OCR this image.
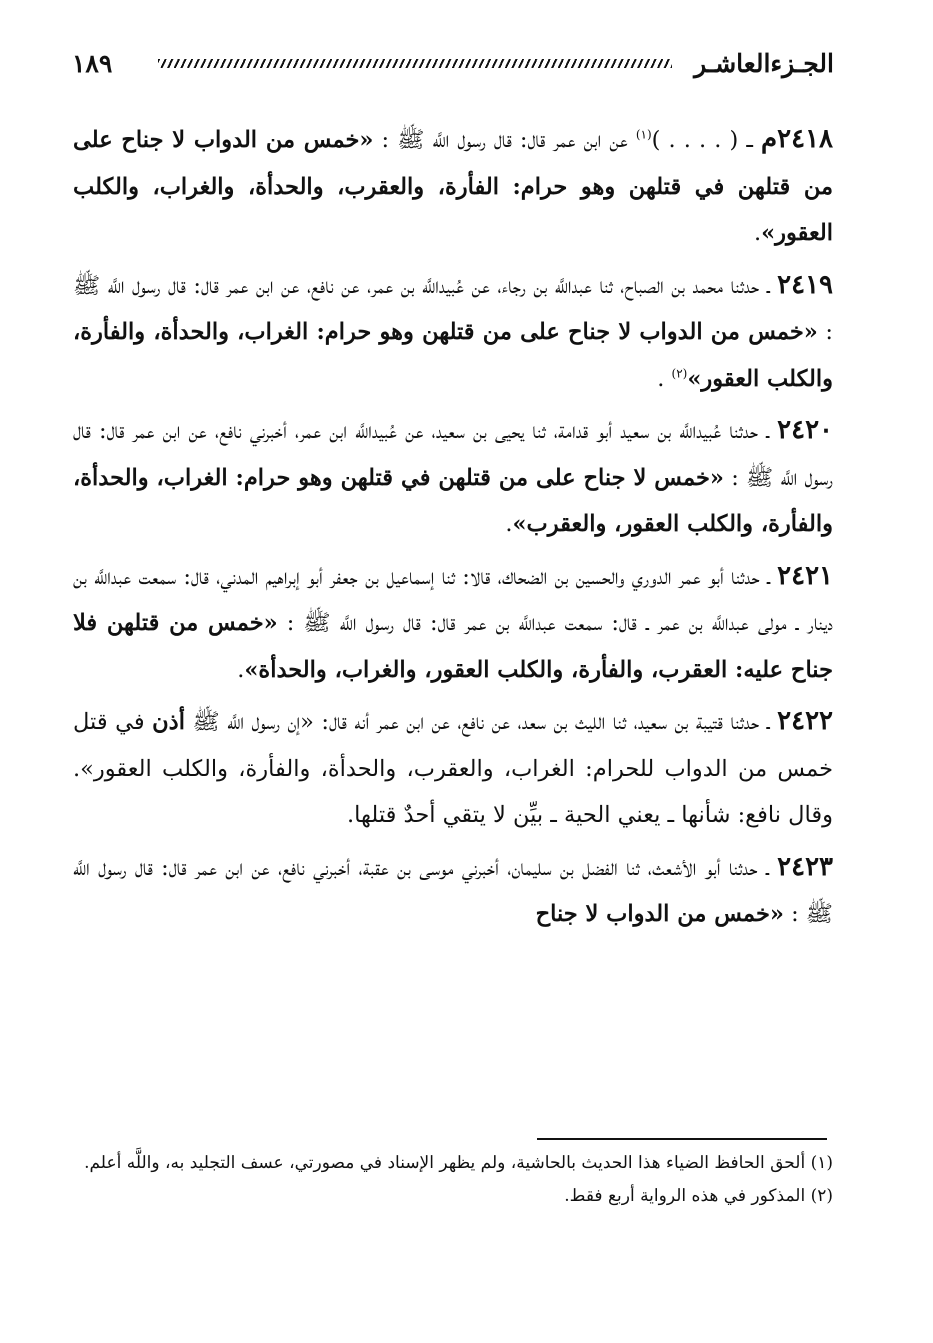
١٨٩	الجـزءالعاشـر

٢٤١٨م ـ ( . . . . )$^{(١)}$ عن ابن عمر قال: قال رسول اللَّه ﷺ : «خمس من الدواب لا جناح على من قتلهن في قتلهن وهو حرام: الفأرة، والعقرب، والحدأة، والغراب، والكلب العقور».

٢٤١٩ ـ حدثنا محمد بن الصباح، ثنا عبداللَّه بن رجاء، عن عُبيداللَّه بن عمر، عن نافع، عن ابن عمر قال: قال رسول اللَّه ﷺ : «خمس من الدواب لا جناح على من قتلهن وهو حرام: الغراب، والحدأة، والفأرة، والكلب العقور»$^{(٢)}$ .

٢٤٢٠ ـ حدثنا عُبيداللَّه بن سعيد أبو قدامة، ثنا يحيى بن سعيد، عن عُبيداللَّه ابن عمر، أخبرني نافع، عن ابن عمر قال: قال رسول اللَّه ﷺ : «خمس لا جناح على من قتلهن في قتلهن وهو حرام: الغراب، والحدأة، والفأرة، والكلب العقور، والعقرب».

٢٤٢١ ـ حدثنا أبو عمر الدوري والحسين بن الضحاك، قالا: ثنا إسماعيل بن جعفر أبو إبراهيم المدني، قال: سمعت عبداللَّه بن دينار ـ مولى عبداللَّه بن عمر ـ قال: سمعت عبداللَّه بن عمر قال: قال رسول اللَّه ﷺ : «خمس من قتلهن فلا جناح عليه: العقرب، والفأرة، والكلب العقور، والغراب، والحدأة».

٢٤٢٢ ـ حدثنا قتيبة بن سعيد، ثنا الليث بن سعد، عن نافع، عن ابن عمر أنه قال: «إن رسول اللَّه ﷺ أذن في قتل خمس من الدواب للحرام: الغراب، والعقرب، والحدأة، والفأرة، والكلب العقور». وقال نافع: شأنها ـ يعني الحية ـ بيِّن لا يتقي أحدٌ قتلها.

٢٤٢٣ ـ حدثنا أبو الأشعث، ثنا الفضل بن سليمان، أخبرني موسى بن عقبة، أخبرني نافع، عن ابن عمر قال: قال رسول اللَّه ﷺ : «خمس من الدواب لا جناح

(١) ألحق الحافظ الضياء هذا الحديث بالحاشية، ولم يظهر الإسناد في مصورتي، عسف التجليد به، واللَّه أعلم.

(٢) المذكور في هذه الرواية أربع فقط.
